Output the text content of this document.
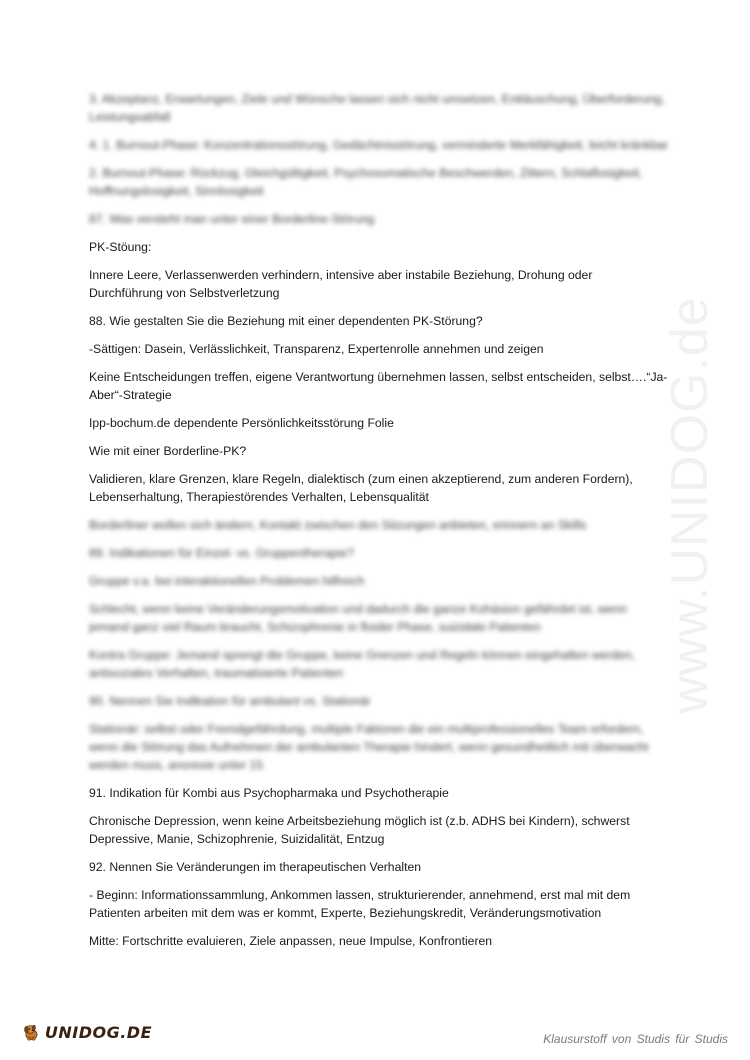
www.UNIDOG.de

3. Akzeptanz, Erwartungen, Ziele und Wünsche lassen sich nicht umsetzen, Enttäuschung, Überforderung, Leistungsabfall

4. 1. Burnout-Phase: Konzentrationsstörung, Gedächtnisstörung, verminderte Merkfähigkeit, leicht kränkbar

2. Burnout-Phase: Rückzug, Gleichgültigkeit, Psychosomatische Beschwerden, Zittern, Schlaflosigkeit, Hoffnungslosigkeit, Sinnlosigkeit

87. Was versteht man unter einer Borderline-Störung

PK-Stöung:

Innere Leere, Verlassenwerden verhindern, intensive aber instabile Beziehung, Drohung oder Durchführung von Selbstverletzung

88. Wie gestalten Sie die Beziehung mit einer dependenten PK-Störung?

-Sättigen: Dasein, Verlässlichkeit, Transparenz, Expertenrolle annehmen und zeigen

Keine Entscheidungen treffen, eigene Verantwortung übernehmen lassen, selbst entscheiden, selbst….“Ja-Aber“-Strategie

Ipp-bochum.de dependente Persönlichkeitsstörung Folie

Wie mit einer Borderline-PK?

Validieren, klare Grenzen, klare Regeln, dialektisch (zum einen akzeptierend, zum anderen Fordern), Lebenserhaltung, Therapiestörendes Verhalten, Lebensqualität

Borderliner wollen sich ändern, Kontakt zwischen den Sitzungen anbieten, erinnern an Skills

89. Indikationen für Einzel- vs. Gruppentherapie?

Gruppe v.a. bei interaktionellen Problemen hilfreich

Schlecht, wenn keine Veränderungsmotivation und dadurch die ganze Kohäsion gefährdet ist, wenn jemand ganz viel Raum braucht, Schizophrenie in floider Phase, suizidale Patienten

Kontra Gruppe: Jemand sprengt die Gruppe, keine Grenzen und Regeln können eingehalten werden, antisoziales Verhalten, traumatisierte Patienten

90. Nennen Sie Indikation für ambulant vs. Stationär

Stationär: selbst oder Fremdgefährdung, multiple Faktoren die ein multiprofessionelles Team erfordern, wenn die Störung das Aufnehmen der ambulanten Therapie hindert, wenn gesundheitlich mit überwacht werden muss, anorexie unter 15

91. Indikation für Kombi aus Psychopharmaka und Psychotherapie

Chronische Depression, wenn keine Arbeitsbeziehung möglich ist (z.b. ADHS bei Kindern), schwerst Depressive, Manie, Schizophrenie, Suizidalität, Entzug

92. Nennen Sie Veränderungen im therapeutischen Verhalten

- Beginn: Informationssammlung, Ankommen lassen, strukturierender, annehmend, erst mal mit dem Patienten arbeiten mit dem was er kommt, Experte, Beziehungskredit, Veränderungsmotivation

Mitte: Fortschritte evaluieren, Ziele anpassen, neue Impulse, Konfrontieren

UNIDOG.DE	Klausurstoff von Studis für Studis
